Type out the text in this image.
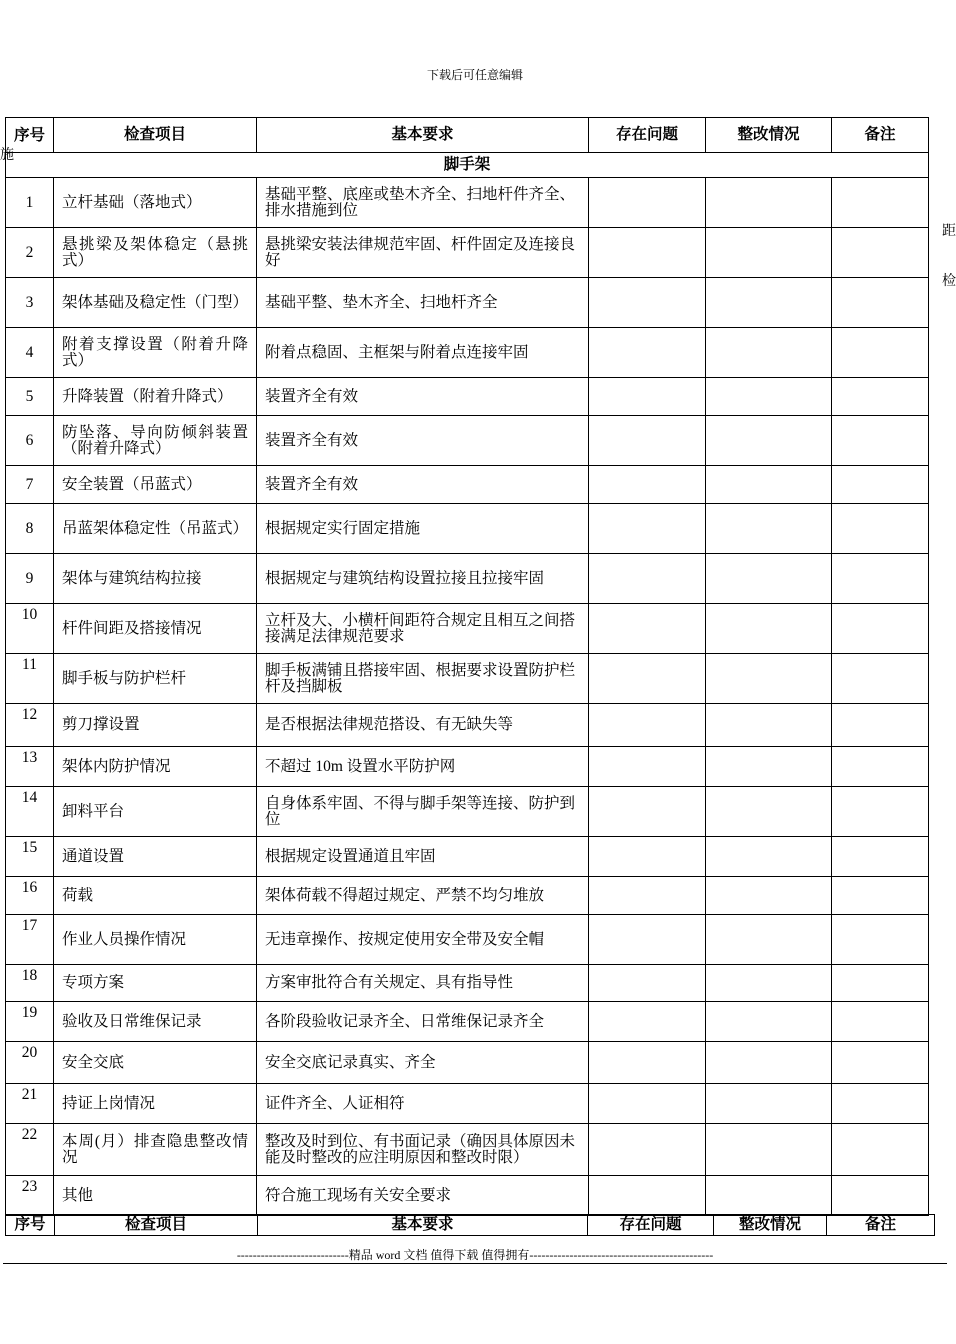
下载后可任意编辑
施
距
检
序号	检查项目	基本要求	存在问题	整改情况	备注
脚手架					
1	立杆基础（落地式）	基础平整、底座或垫木齐全、扫地杆件齐全、排水措施到位			
2	悬挑梁及架体稳定（悬挑式）	悬挑梁安装法律规范牢固、杆件固定及连接良好			
3	架体基础及稳定性（门型）	基础平整、垫木齐全、扫地杆齐全			
4	附着支撑设置（附着升降式）	附着点稳固、主框架与附着点连接牢固			
5	升降装置（附着升降式）	装置齐全有效			
6	防坠落、导向防倾斜装置（附着升降式）	装置齐全有效			
7	安全装置（吊蓝式）	装置齐全有效			
8	吊蓝架体稳定性（吊蓝式）	根据规定实行固定措施			
9	架体与建筑结构拉接	根据规定与建筑结构设置拉接且拉接牢固			
10	杆件间距及搭接情况	立杆及大、小横杆间距符合规定且相互之间搭接满足法律规范要求			
11	脚手板与防护栏杆	脚手板满铺且搭接牢固、根据要求设置防护栏杆及挡脚板			
12	剪刀撑设置	是否根据法律规范搭设、有无缺失等			
13	架体内防护情况	不超过 10m 设置水平防护网			
14	卸料平台	自身体系牢固、不得与脚手架等连接、防护到位			
15	通道设置	根据规定设置通道且牢固			
16	荷载	架体荷载不得超过规定、严禁不均匀堆放			
17	作业人员操作情况	无违章操作、按规定使用安全带及安全帽			
18	专项方案	方案审批符合有关规定、具有指导性			
19	验收及日常维保记录	各阶段验收记录齐全、日常维保记录齐全			
20	安全交底	安全交底记录真实、齐全			
21	持证上岗情况	证件齐全、人证相符			
22	本周(月）排查隐患整改情况	整改及时到位、有书面记录（确因具体原因未能及时整改的应注明原因和整改时限）			
23	其他	符合施工现场有关安全要求			
序号	检查项目	基本要求	存在问题	整改情况	备注
----------------------------精品 word 文档 值得下载 值得拥有----------------------------------------------
